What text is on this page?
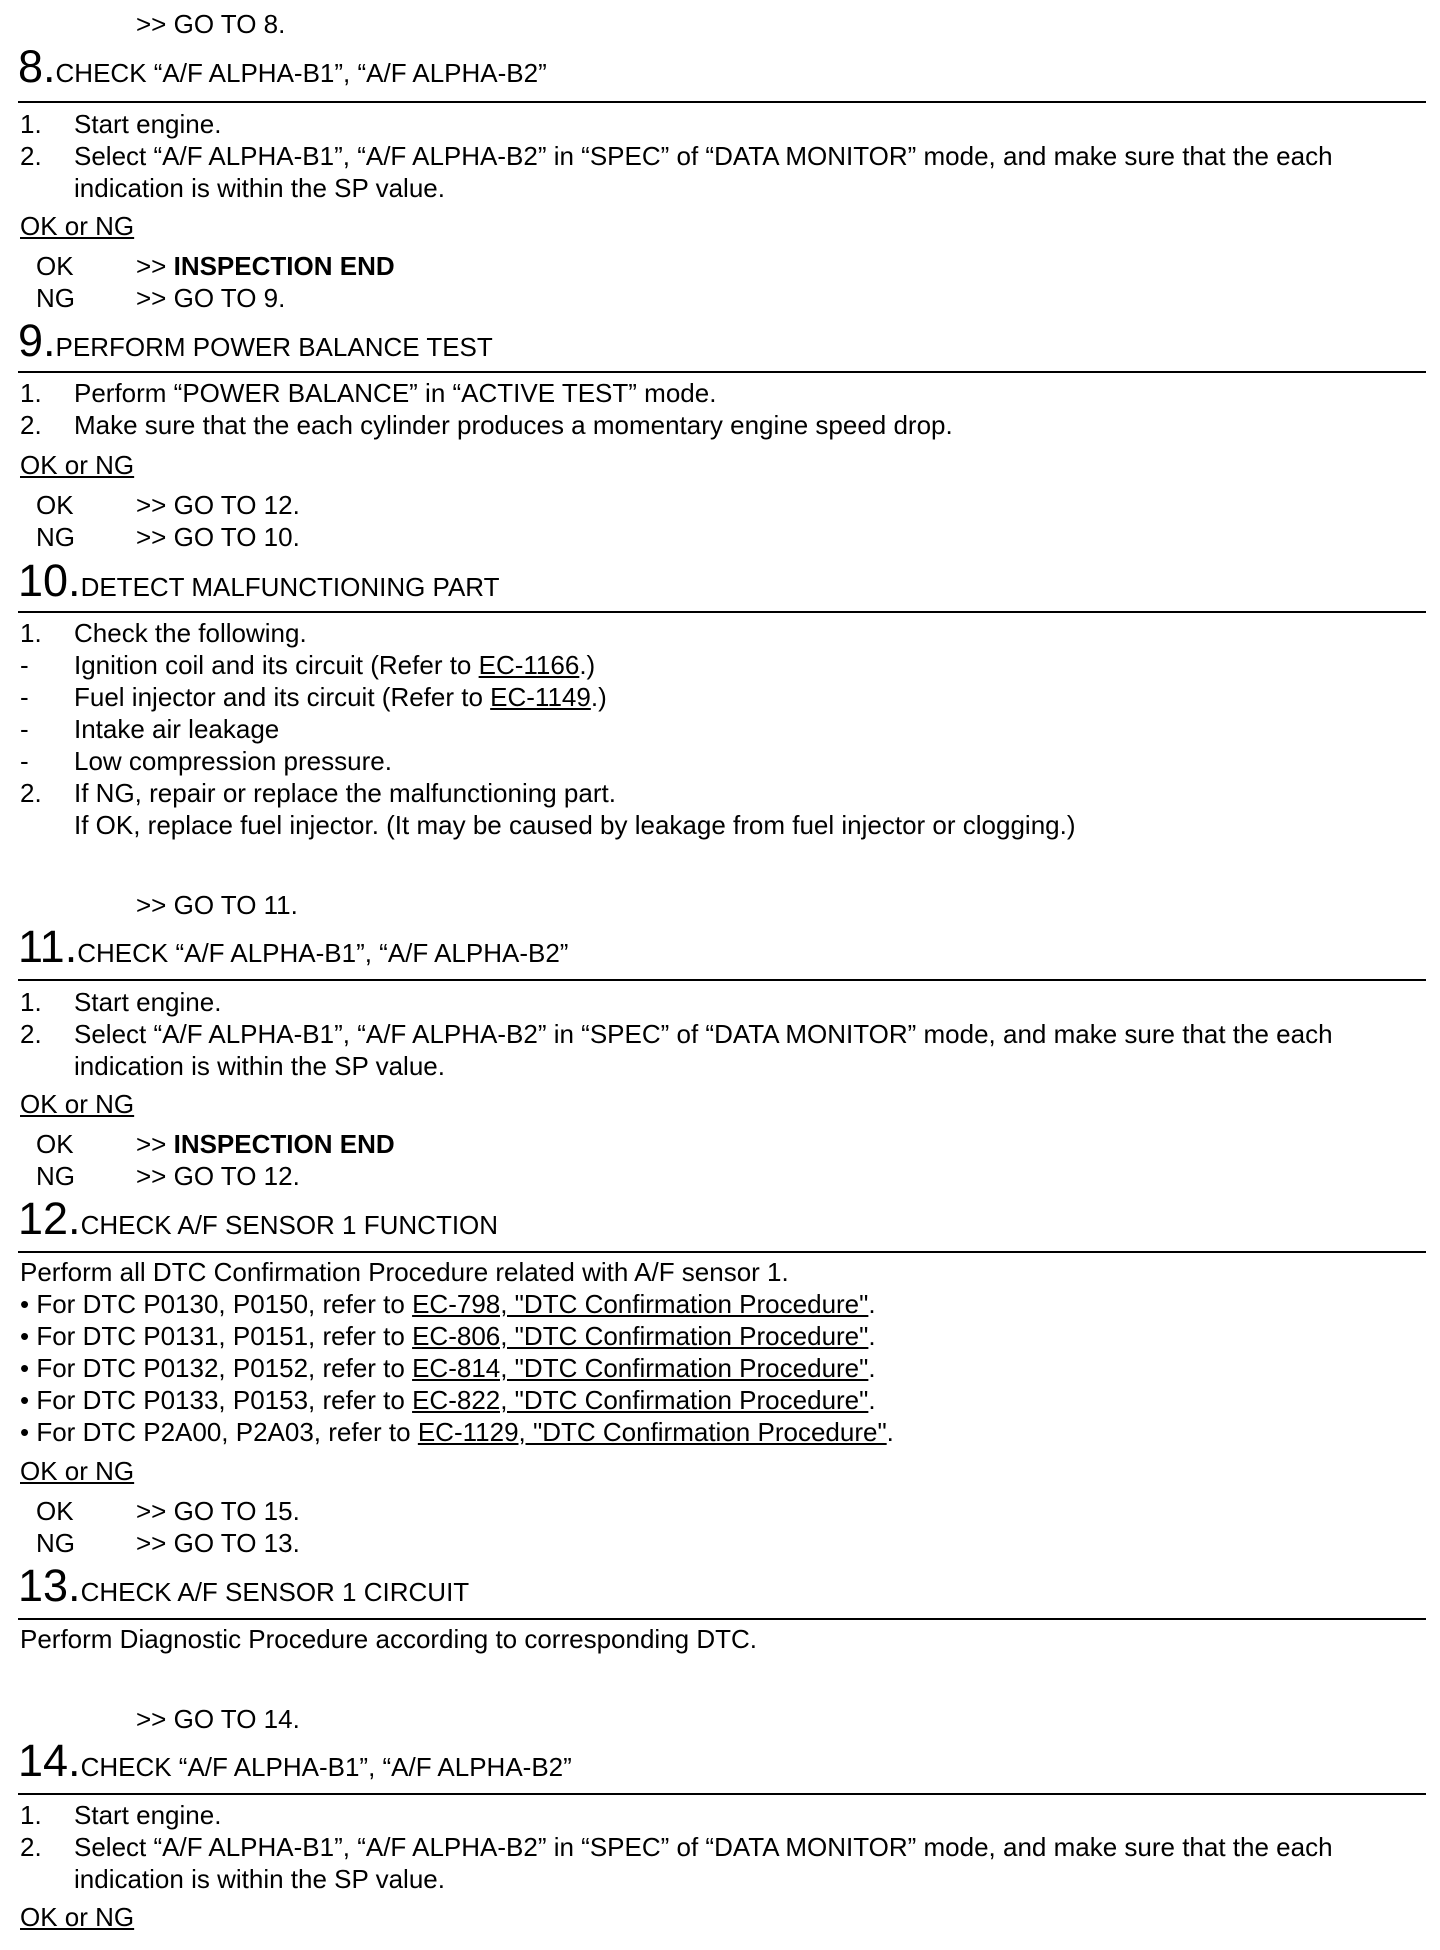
>> GO TO 8.
8.CHECK “A/F ALPHA-B1”, “A/F ALPHA-B2”
1. Start engine.
2. Select “A/F ALPHA-B1”, “A/F ALPHA-B2” in “SPEC” of “DATA MONITOR” mode, and make sure that the each indication is within the SP value.
OK or NG
OK >> INSPECTION END
NG >> GO TO 9.
9.PERFORM POWER BALANCE TEST
1. Perform “POWER BALANCE” in “ACTIVE TEST” mode.
2. Make sure that the each cylinder produces a momentary engine speed drop.
OK or NG
OK >> GO TO 12.
NG >> GO TO 10.
10.DETECT MALFUNCTIONING PART
1. Check the following.
- Ignition coil and its circuit (Refer to EC-1166.)
- Fuel injector and its circuit (Refer to EC-1149.)
- Intake air leakage
- Low compression pressure.
2. If NG, repair or replace the malfunctioning part.
If OK, replace fuel injector. (It may be caused by leakage from fuel injector or clogging.)
>> GO TO 11.
11.CHECK “A/F ALPHA-B1”, “A/F ALPHA-B2”
1. Start engine.
2. Select “A/F ALPHA-B1”, “A/F ALPHA-B2” in “SPEC” of “DATA MONITOR” mode, and make sure that the each indication is within the SP value.
OK or NG
OK >> INSPECTION END
NG >> GO TO 12.
12.CHECK A/F SENSOR 1 FUNCTION
Perform all DTC Confirmation Procedure related with A/F sensor 1.
• For DTC P0130, P0150, refer to EC-798, "DTC Confirmation Procedure".
• For DTC P0131, P0151, refer to EC-806, "DTC Confirmation Procedure".
• For DTC P0132, P0152, refer to EC-814, "DTC Confirmation Procedure".
• For DTC P0133, P0153, refer to EC-822, "DTC Confirmation Procedure".
• For DTC P2A00, P2A03, refer to EC-1129, "DTC Confirmation Procedure".
OK or NG
OK >> GO TO 15.
NG >> GO TO 13.
13.CHECK A/F SENSOR 1 CIRCUIT
Perform Diagnostic Procedure according to corresponding DTC.
>> GO TO 14.
14.CHECK “A/F ALPHA-B1”, “A/F ALPHA-B2”
1. Start engine.
2. Select “A/F ALPHA-B1”, “A/F ALPHA-B2” in “SPEC” of “DATA MONITOR” mode, and make sure that the each indication is within the SP value.
OK or NG
